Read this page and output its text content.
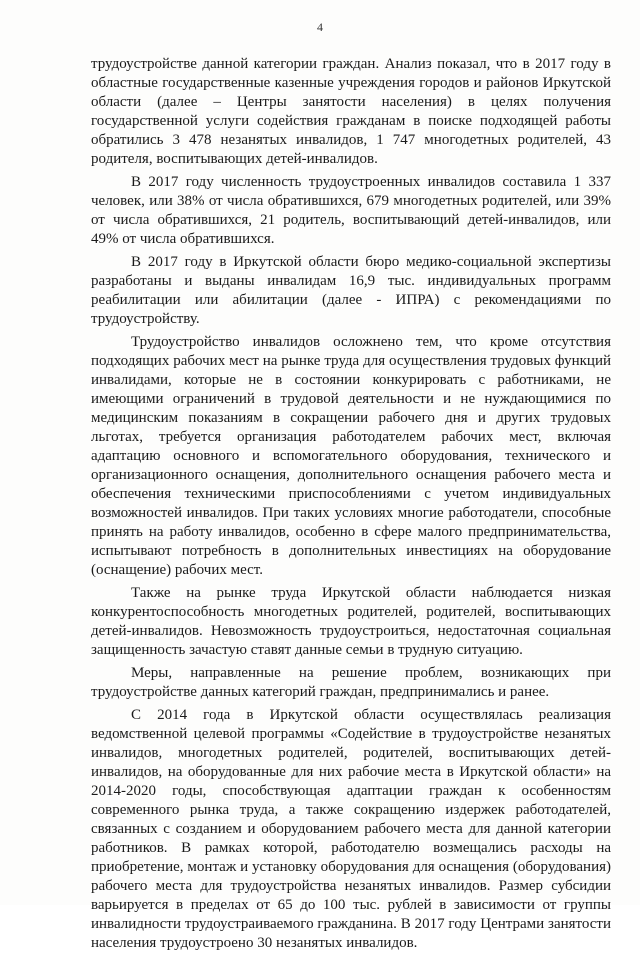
4

трудоустройстве данной категории граждан. Анализ показал, что в 2017 году в областные государственные казенные учреждения городов и районов Иркутской области (далее – Центры занятости населения) в целях получения государственной услуги содействия гражданам в поиске подходящей работы обратились 3 478 незанятых инвалидов, 1 747 многодетных родителей, 43 родителя, воспитывающих детей-инвалидов.

В 2017 году численность трудоустроенных инвалидов составила 1 337 человек, или 38% от числа обратившихся, 679 многодетных родителей, или 39% от числа обратившихся, 21 родитель, воспитывающий детей-инвалидов, или 49% от числа обратившихся.

В 2017 году в Иркутской области бюро медико-социальной экспертизы разработаны и выданы инвалидам 16,9 тыс. индивидуальных программ реабилитации или абилитации (далее - ИПРА) с рекомендациями по трудоустройству.

Трудоустройство инвалидов осложнено тем, что кроме отсутствия подходящих рабочих мест на рынке труда для осуществления трудовых функций инвалидами, которые не в состоянии конкурировать с работниками, не имеющими ограничений в трудовой деятельности и не нуждающимися по медицинским показаниям в сокращении рабочего дня и других трудовых льготах, требуется организация работодателем рабочих мест, включая адаптацию основного и вспомогательного оборудования, технического и организационного оснащения, дополнительного оснащения рабочего места и обеспечения техническими приспособлениями с учетом индивидуальных возможностей инвалидов. При таких условиях многие работодатели, способные принять на работу инвалидов, особенно в сфере малого предпринимательства, испытывают потребность в дополнительных инвестициях на оборудование (оснащение) рабочих мест.

Также на рынке труда Иркутской области наблюдается низкая конкурентоспособность многодетных родителей, родителей, воспитывающих детей-инвалидов. Невозможность трудоустроиться, недостаточная социальная защищенность зачастую ставят данные семьи в трудную ситуацию.

Меры, направленные на решение проблем, возникающих при трудоустройстве данных категорий граждан, предпринимались и ранее.

С 2014 года в Иркутской области осуществлялась реализация ведомственной целевой программы «Содействие в трудоустройстве незанятых инвалидов, многодетных родителей, родителей, воспитывающих детей-инвалидов, на оборудованные для них рабочие места в Иркутской области» на 2014-2020 годы, способствующая адаптации граждан к особенностям современного рынка труда, а также сокращению издержек работодателей, связанных с созданием и оборудованием рабочего места для данной категории работников. В рамках которой, работодателю возмещались расходы на приобретение, монтаж и установку оборудования для оснащения (оборудования) рабочего места для трудоустройства незанятых инвалидов. Размер субсидии варьируется в пределах от 65 до 100 тыс. рублей в зависимости от группы инвалидности трудоустраиваемого гражданина. В 2017 году Центрами занятости населения трудоустроено 30 незанятых инвалидов.
